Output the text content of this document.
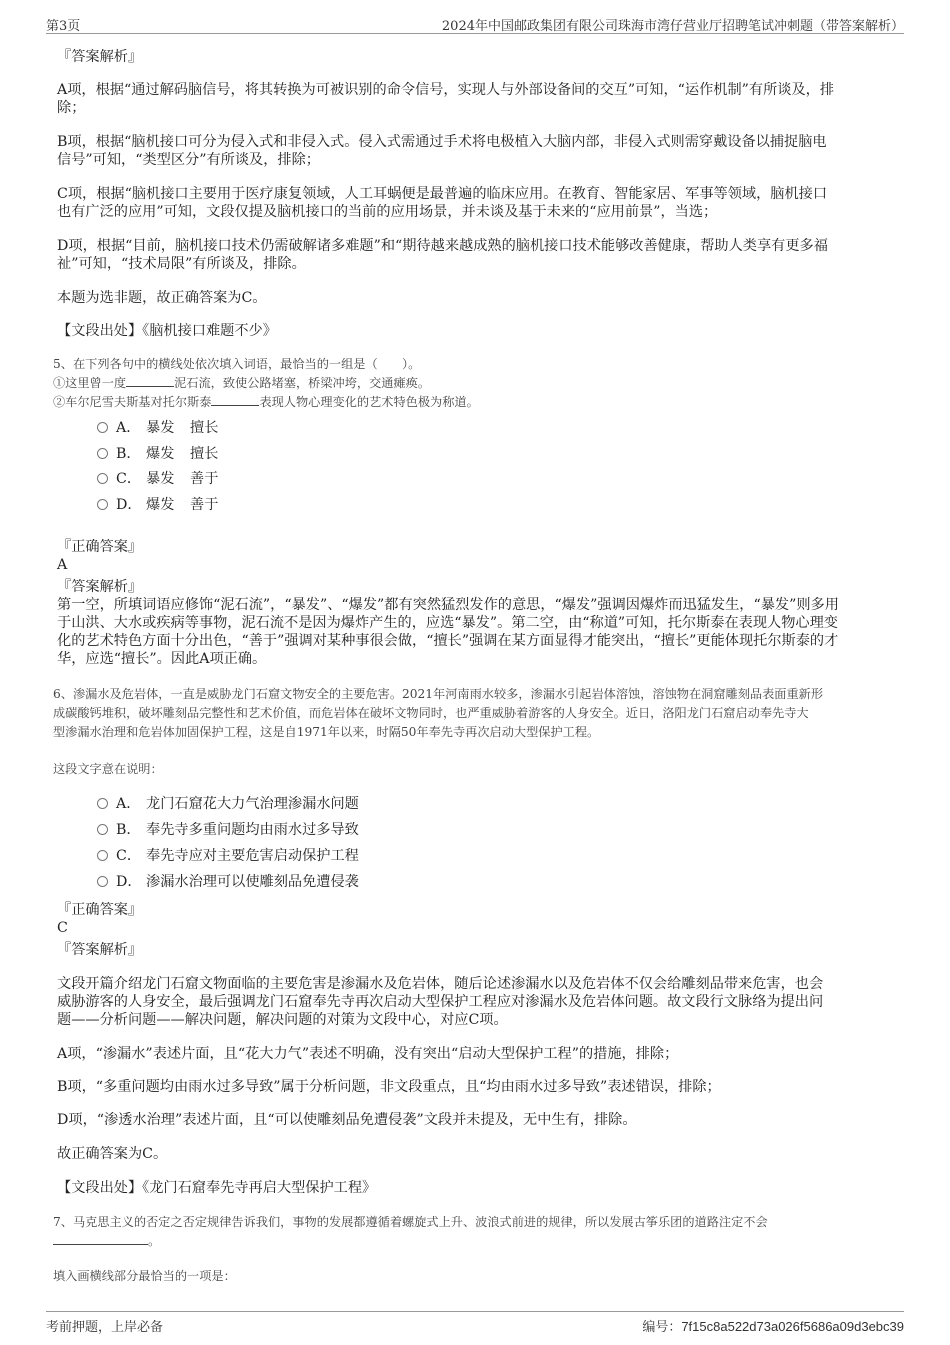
第3页	2024年中国邮政集团有限公司珠海市湾仔营业厅招聘笔试冲刺题（带答案解析）

『答案解析』

A项，根据“通过解码脑信号，将其转换为可被识别的命令信号，实现人与外部设备间的交互”可知，“运作机制”有所谈及，排
除；

B项，根据“脑机接口可分为侵入式和非侵入式。侵入式需通过手术将电极植入大脑内部，非侵入式则需穿戴设备以捕捉脑电
信号”可知，“类型区分”有所谈及，排除；

C项，根据“脑机接口主要用于医疗康复领域，人工耳蜗便是最普遍的临床应用。在教育、智能家居、军事等领域，脑机接口
也有广泛的应用”可知，文段仅提及脑机接口的当前的应用场景，并未谈及基于未来的“应用前景”，当选；

D项，根据“目前，脑机接口技术仍需破解诸多难题”和“期待越来越成熟的脑机接口技术能够改善健康，帮助人类享有更多福
祉”可知，“技术局限”有所谈及，排除。

本题为选非题，故正确答案为C。

【文段出处】《脑机接口难题不少》

5、在下列各句中的横线处依次填入词语，最恰当的一组是（　　）。
①这里曾一度	泥石流，致使公路堵塞，桥梁冲垮，交通瘫痪。
②车尔尼雪夫斯基对托尔斯泰	表现人物心理变化的艺术特色极为称道。
A． 暴发 擅长
B． 爆发 擅长
C． 暴发 善于
D． 爆发 善于

『正确答案』

A

『答案解析』

第一空，所填词语应修饰“泥石流”，“暴发”、“爆发”都有突然猛烈发作的意思，“爆发”强调因爆炸而迅猛发生，“暴发”则多用
于山洪、大水或疾病等事物，泥石流不是因为爆炸产生的，应选“暴发”。第二空，由“称道”可知，托尔斯泰在表现人物心理变
化的艺术特色方面十分出色，“善于”强调对某种事很会做，“擅长”强调在某方面显得才能突出，“擅长”更能体现托尔斯泰的才
华，应选“擅长”。因此A项正确。

6、渗漏水及危岩体，一直是威胁龙门石窟文物安全的主要危害。2021年河南雨水较多，渗漏水引起岩体溶蚀，溶蚀物在洞窟雕刻品表面重新形
成碳酸钙堆积，破坏雕刻品完整性和艺术价值，而危岩体在破坏文物同时，也严重威胁着游客的人身安全。近日，洛阳龙门石窟启动奉先寺大
型渗漏水治理和危岩体加固保护工程，这是自1971年以来，时隔50年奉先寺再次启动大型保护工程。
这段文字意在说明：
A． 龙门石窟花大力气治理渗漏水问题
B． 奉先寺多重问题均由雨水过多导致
C． 奉先寺应对主要危害启动保护工程
D． 渗漏水治理可以使雕刻品免遭侵袭

『正确答案』

C

『答案解析』

文段开篇介绍龙门石窟文物面临的主要危害是渗漏水及危岩体，随后论述渗漏水以及危岩体不仅会给雕刻品带来危害，也会
威胁游客的人身安全，最后强调龙门石窟奉先寺再次启动大型保护工程应对渗漏水及危岩体问题。故文段行文脉络为提出问
题——分析问题——解决问题，解决问题的对策为文段中心，对应C项。

A项，“渗漏水”表述片面，且“花大力气”表述不明确，没有突出“启动大型保护工程”的措施，排除；

B项，“多重问题均由雨水过多导致”属于分析问题，非文段重点，且“均由雨水过多导致”表述错误，排除；

D项，“渗透水治理”表述片面，且“可以使雕刻品免遭侵袭”文段并未提及，无中生有，排除。

故正确答案为C。

【文段出处】《龙门石窟奉先寺再启大型保护工程》

7、马克思主义的否定之否定规律告诉我们，事物的发展都遵循着螺旋式上升、波浪式前进的规律，所以发展古筝乐团的道路注定不会
。
填入画横线部分最恰当的一项是：
考前押题，上岸必备	编号：7f15c8a522d73a026f5686a09d3ebc39
